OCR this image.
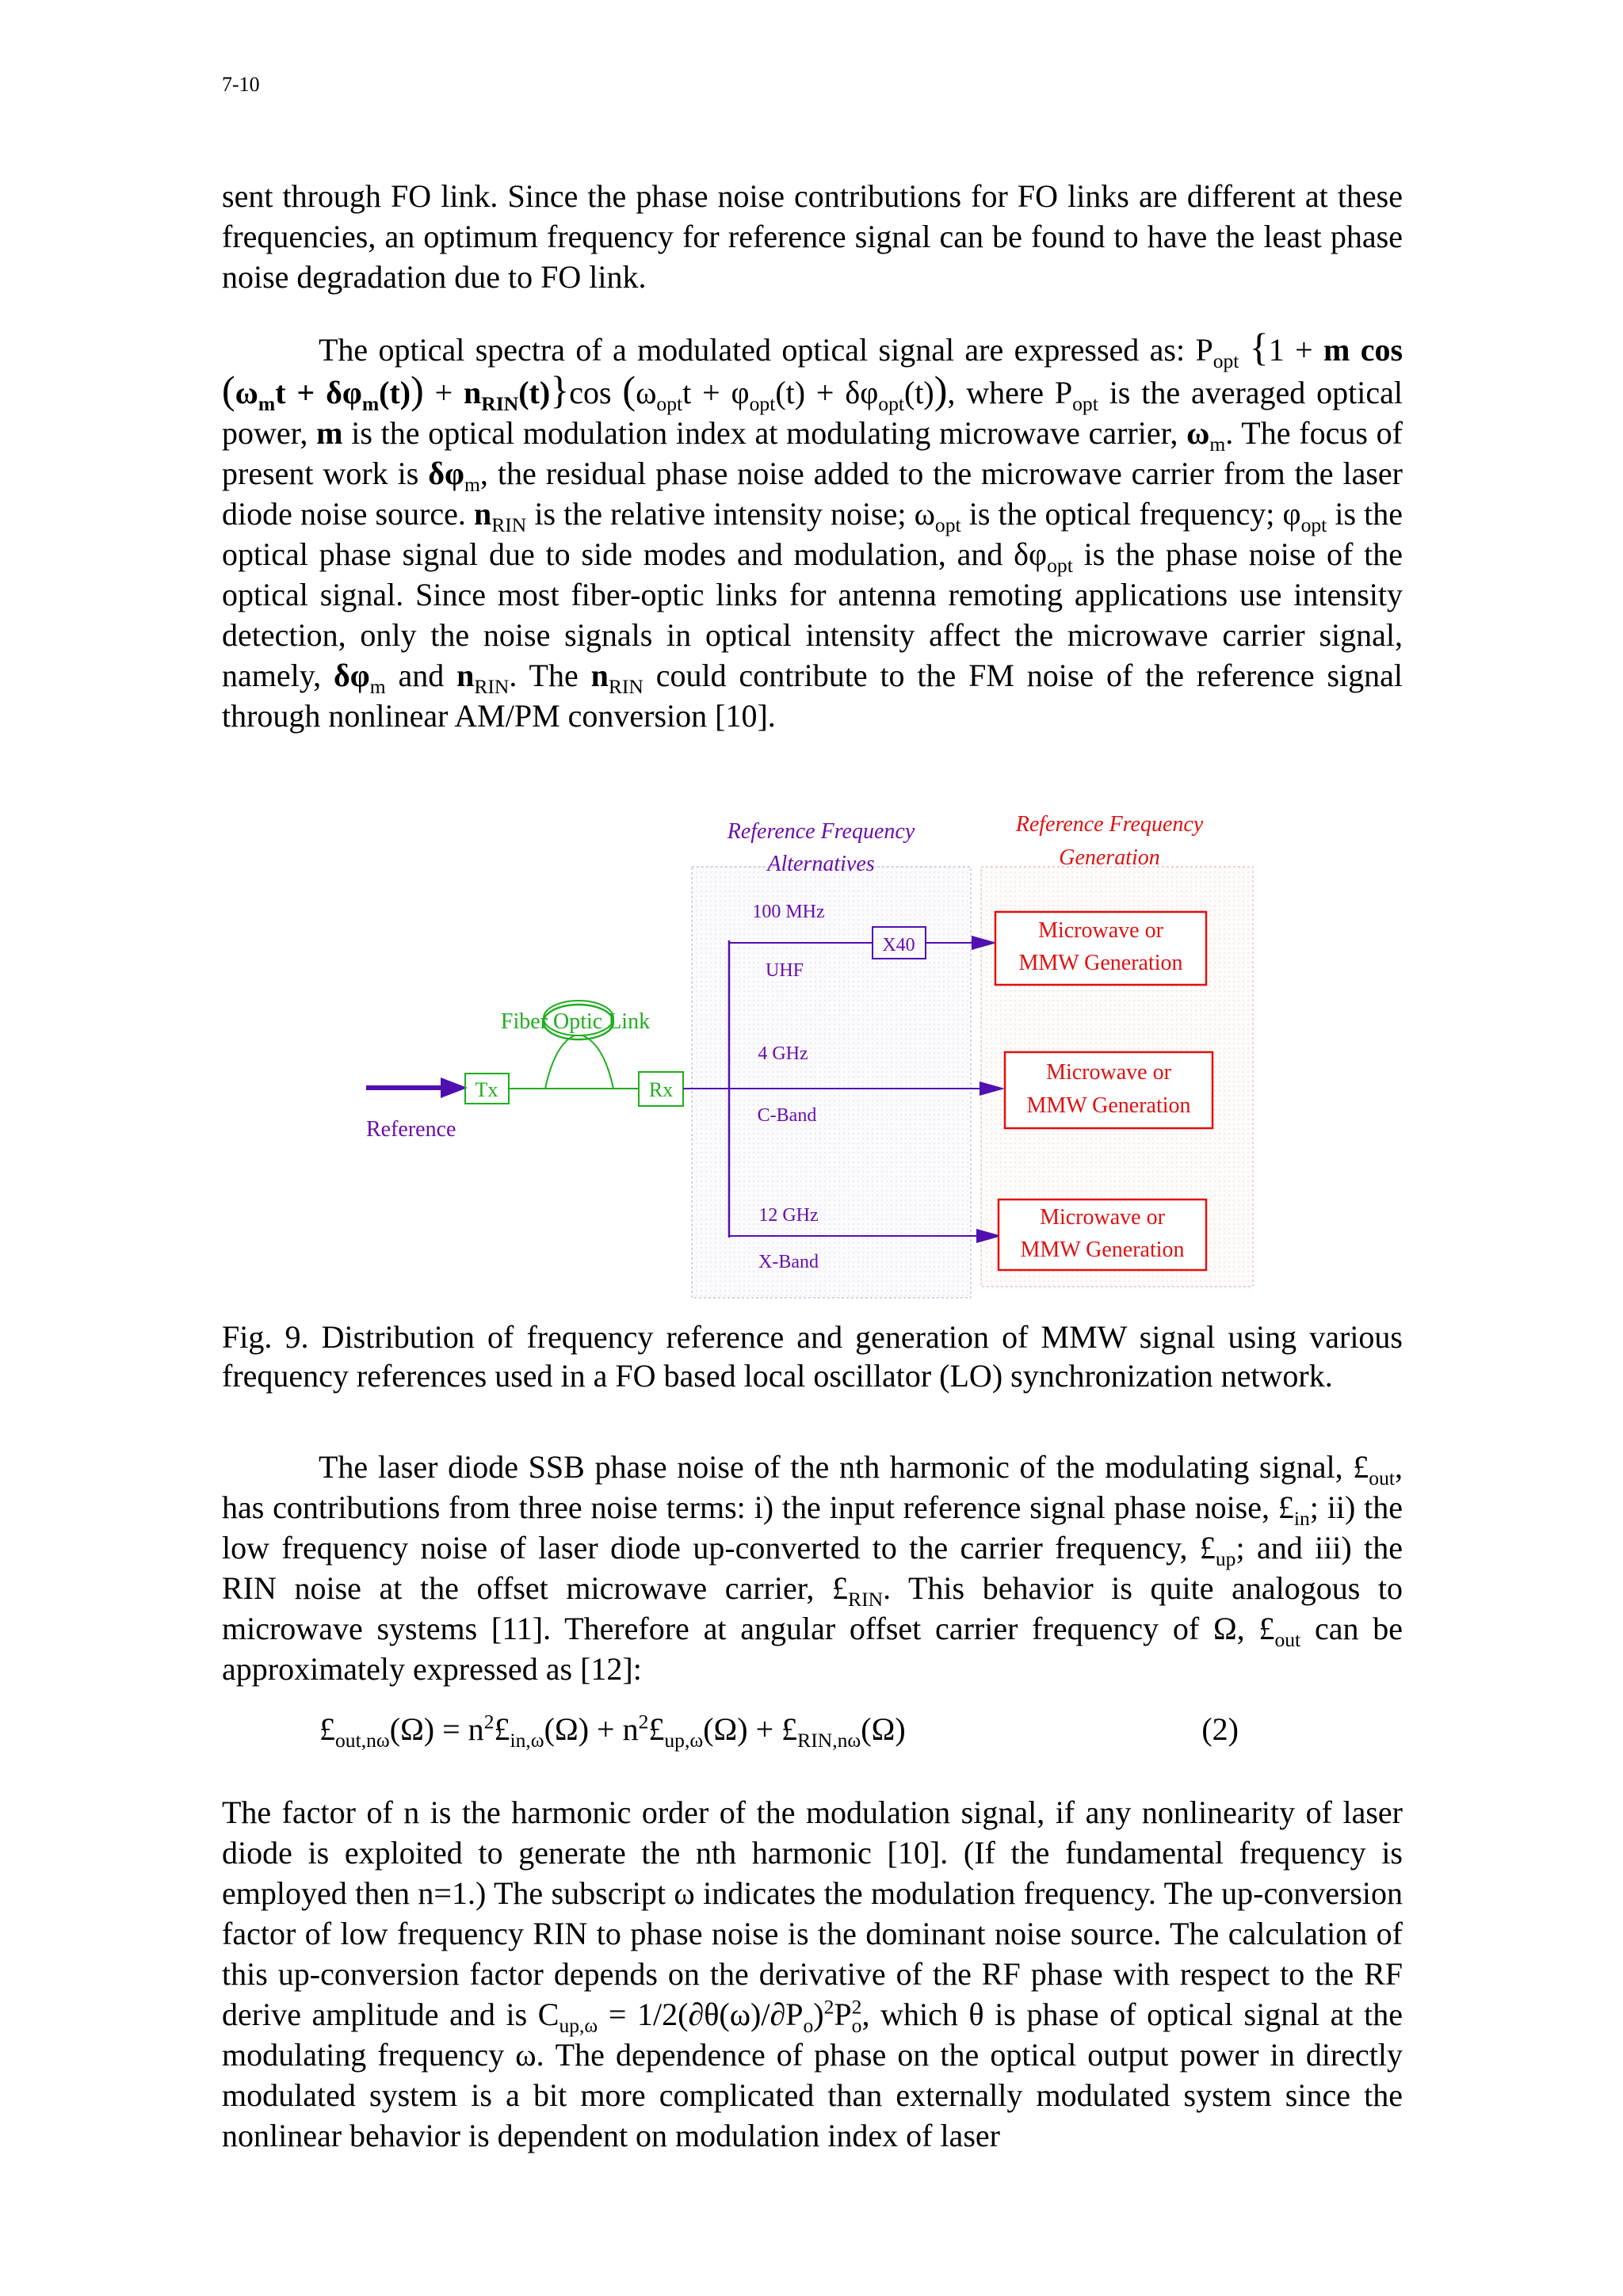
7-10

sent through FO link. Since the phase noise contributions for FO links are different at these frequencies, an optimum frequency for reference signal can be found to have the least phase noise degradation due to FO link.

The optical spectra of a modulated optical signal are expressed as: $P_{opt}$ {1 + m $\cos (\omega_mt + \delta\varphi_m(t)) + n_{RIN}(t)\}\cos$ $(\omega_{opt}t + \varphi_{opt}(t) + \delta\varphi_{opt}(t))$, where $P_{opt}$ is the averaged optical power, m is the optical modulation index at modulating microwave carrier, $\omega_m$. The focus of present work is $\delta\varphi_m$, the residual phase noise added to the microwave carrier from the laser diode noise source. $n_{RIN}$ is the relative intensity noise; $\omega_{opt}$ is the optical frequency; $\varphi_{opt}$ is the optical phase signal due to side modes and modulation, and $\delta\varphi_{opt}$ is the phase noise of the optical signal. Since most fiber-optic links for antenna remoting applications use intensity detection, only the noise signals in optical intensity affect the microwave carrier signal, namely, $\delta\varphi_m$ and $n_{RIN}$. The $n_{RIN}$ could contribute to the FM noise of the reference signal through nonlinear AM/PM conversion [10].

Reference Frequency
Alternatives
Reference Frequency
Generation
Reference
Tx
Fiber Optic Link
Rx
100 MHz
UHF
X40
4 GHz
C-Band
12 GHz
X-Band
Microwave or
MMW Generation
Microwave or
MMW Generation
Microwave or
MMW Generation

Fig. 9. Distribution of frequency reference and generation of MMW signal using various frequency references used in a FO based local oscillator (LO) synchronization network.

The laser diode SSB phase noise of the nth harmonic of the modulating signal, $£_{out}$, has contributions from three noise terms: i) the input reference signal phase noise, $£_{in}$; ii) the low frequency noise of laser diode up-converted to the carrier frequency, $£_{up}$; and iii) the RIN noise at the offset microwave carrier, $£_{RIN}$. This behavior is quite analogous to microwave systems [11]. Therefore at angular offset carrier frequency of Ω, $£_{out}$ can be approximately expressed as [12]:

$£_{out,n\omega}(\Omega)$ = $n^2£_{in,\omega}(\Omega)$ + $n^2£_{up,\omega}(\Omega)$ + $£_{RIN,n\omega}(\Omega)$	(2)

The factor of n is the harmonic order of the modulation signal, if any nonlinearity of laser diode is exploited to generate the nth harmonic [10]. (If the fundamental frequency is employed then n=1.) The subscript ω indicates the modulation frequency. The up-conversion factor of low frequency RIN to phase noise is the dominant noise source. The calculation of this up-conversion factor depends on the derivative of the RF phase with respect to the RF derive amplitude and is $C_{up,\omega} = 1/2(\partial\theta(\omega)/\partial P_o)^2P^2_o$, which θ is phase of optical signal at the modulating frequency ω. The dependence of phase on the optical output power in directly modulated system is a bit more complicated than externally modulated system since the nonlinear behavior is dependent on modulation index of laser
